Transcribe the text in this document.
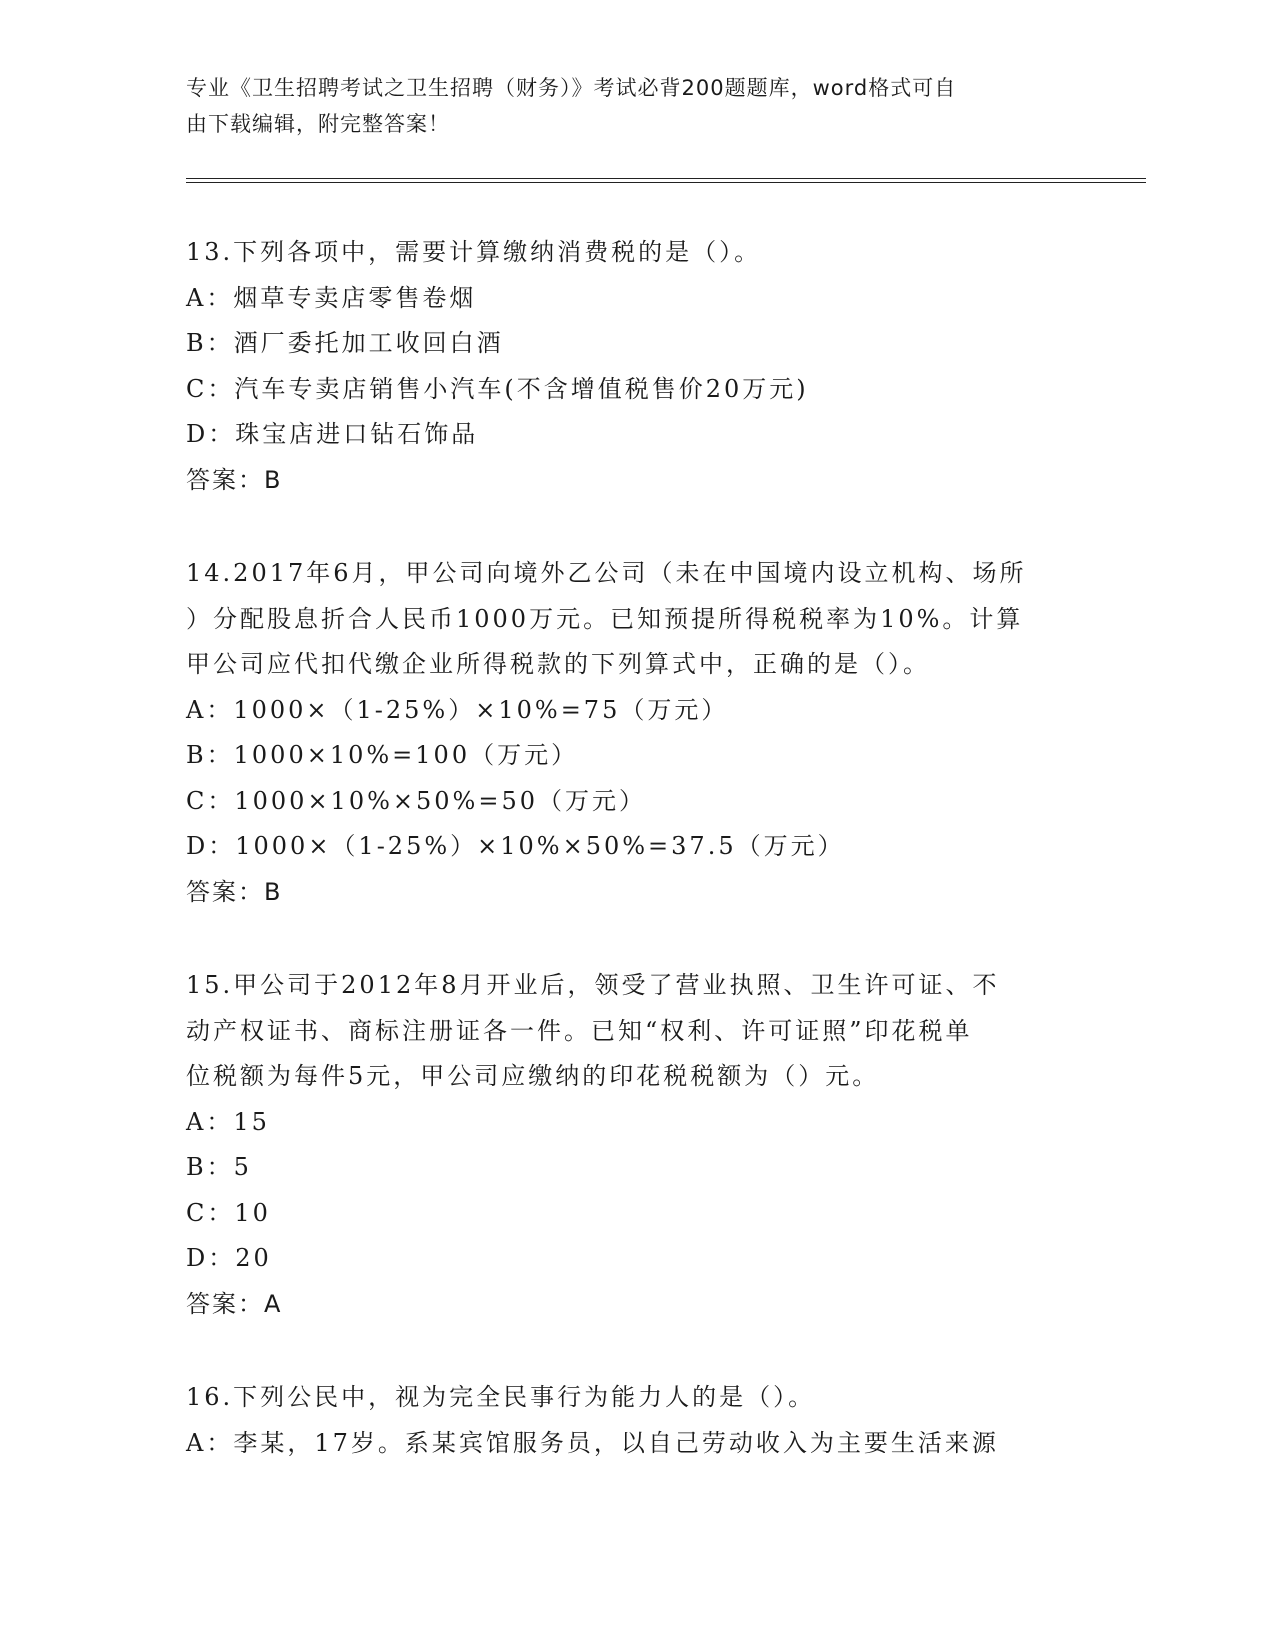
专业《卫生招聘考试之卫生招聘（财务）》考试必背200题题库，word格式可自
由下载编辑，附完整答案！
13.下列各项中，需要计算缴纳消费税的是（）。
A：烟草专卖店零售卷烟
B：酒厂委托加工收回白酒
C：汽车专卖店销售小汽车(不含增值税售价20万元)
D：珠宝店进口钻石饰品
答案：B
14.2017年6月，甲公司向境外乙公司（未在中国境内设立机构、场所
）分配股息折合人民币1000万元。已知预提所得税税率为10%。计算
甲公司应代扣代缴企业所得税款的下列算式中，正确的是（）。
A：1000×（1-25%）×10%=75（万元）
B：1000×10%=100（万元）
C：1000×10%×50%=50（万元）
D：1000×（1-25%）×10%×50%=37.5（万元）
答案：B
15.甲公司于2012年8月开业后，领受了营业执照、卫生许可证、不
动产权证书、商标注册证各一件。已知“权利、许可证照”印花税单
位税额为每件5元，甲公司应缴纳的印花税税额为（）元。
A：15
B：5
C：10
D：20
答案：A
16.下列公民中，视为完全民事行为能力人的是（）。
A：李某，17岁。系某宾馆服务员，以自己劳动收入为主要生活来源
